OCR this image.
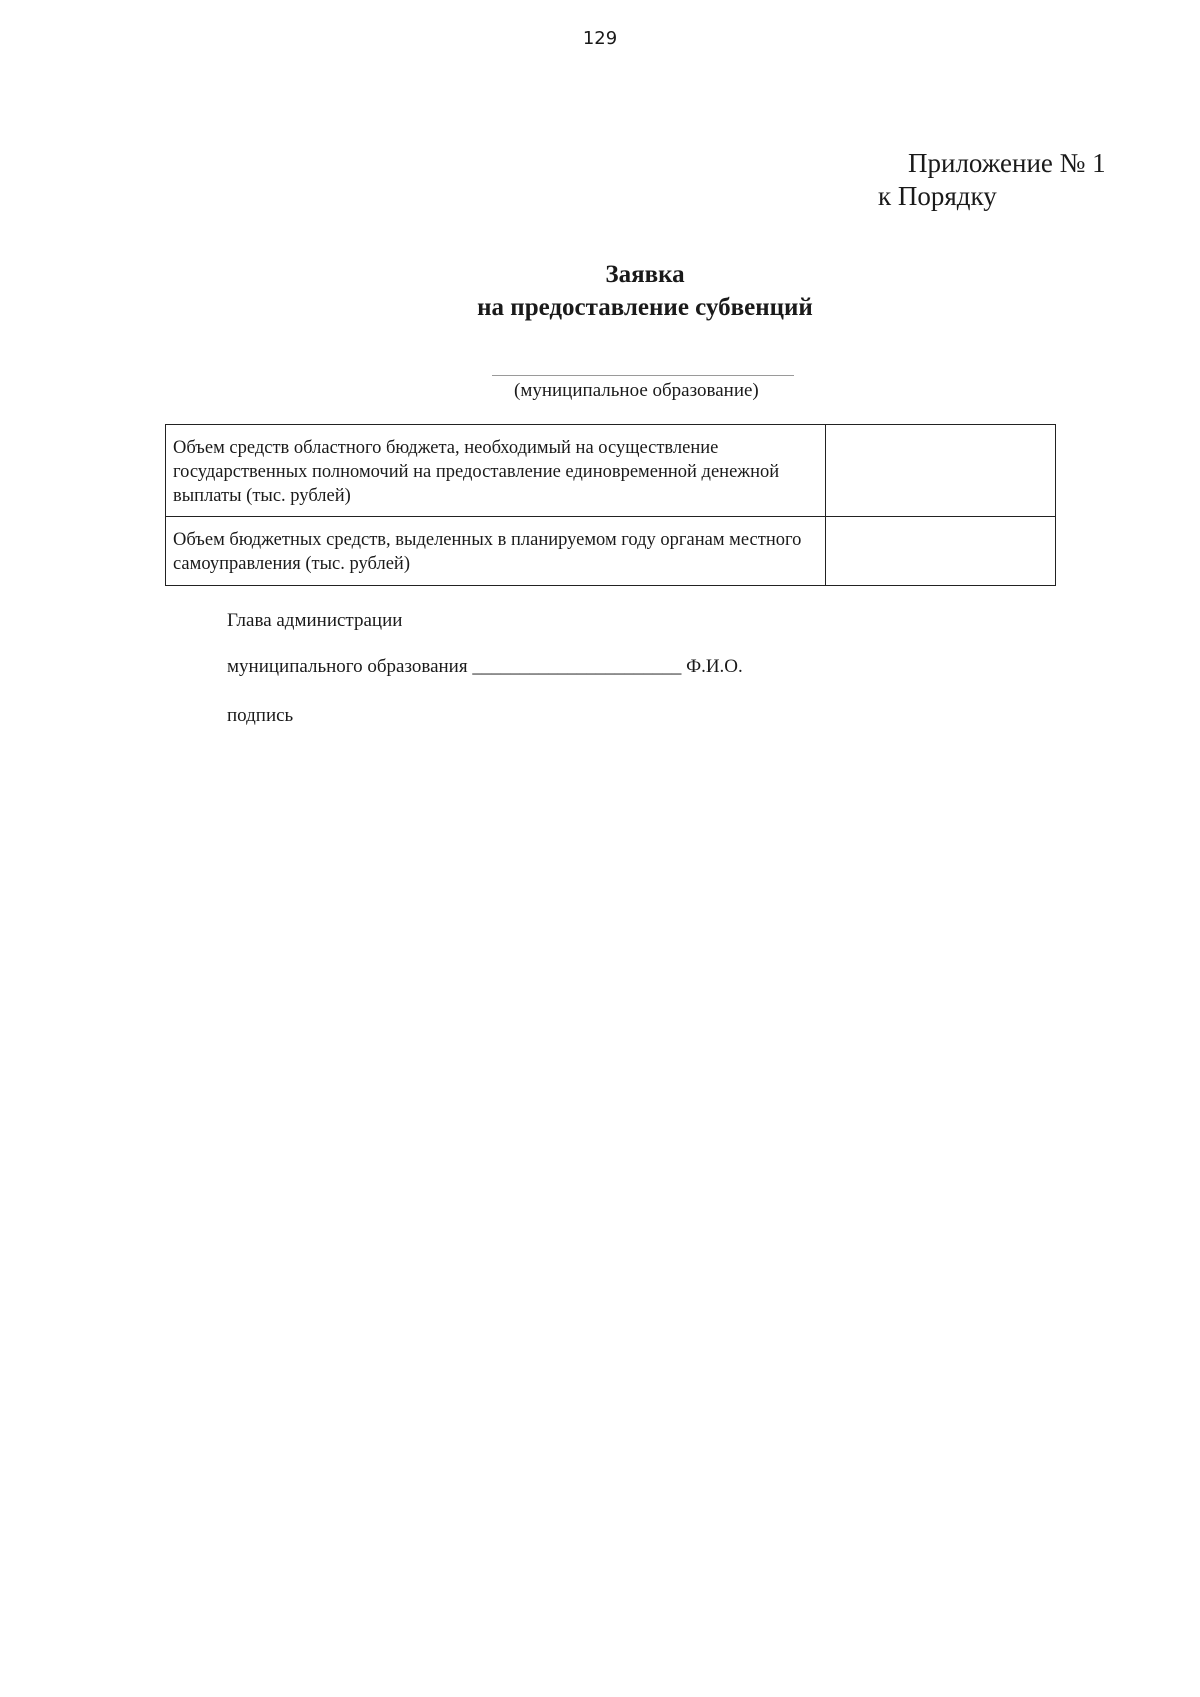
129
Приложение № 1
к Порядку
Заявка
на предоставление субвенций
(муниципальное образование)
Объем средств областного бюджета, необходимый на осуществление государственных полномочий на предоставление единовременной денежной выплаты (тыс. рублей)	
Объем бюджетных средств, выделенных в планируемом году органам местного самоуправления (тыс. рублей)	
Глава администрации
муниципального образования ______________________ Ф.И.О.
подпись
